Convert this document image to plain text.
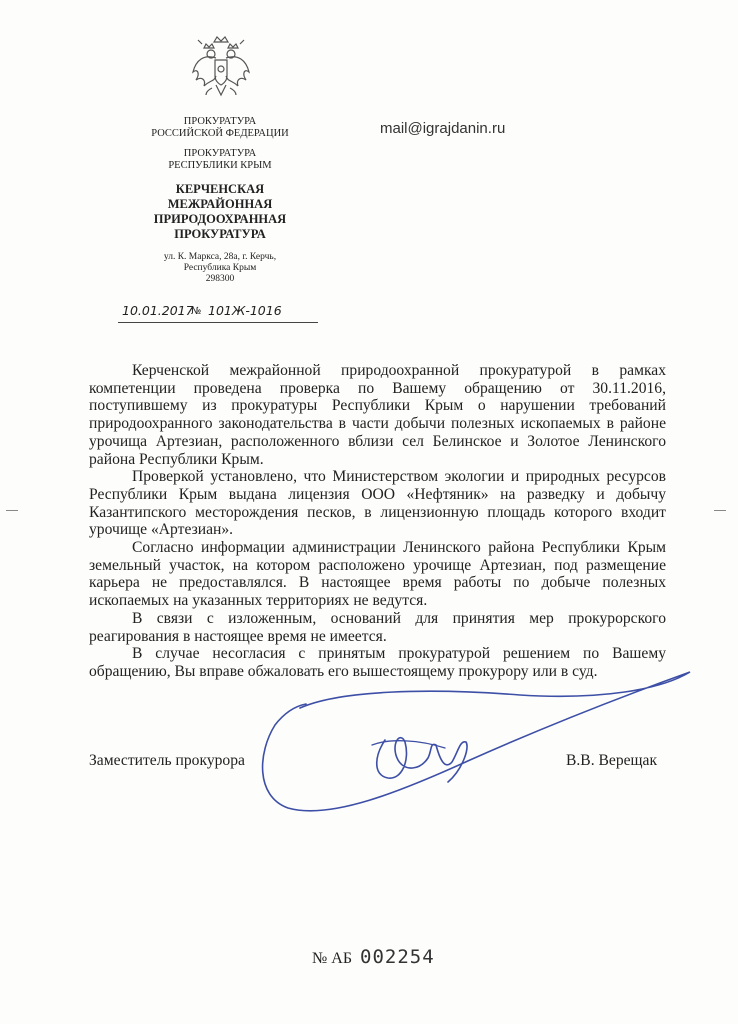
ПРОКУРАТУРА
РОССИЙСКОЙ ФЕДЕРАЦИИ
ПРОКУРАТУРА
РЕСПУБЛИКИ КРЫМ
КЕРЧЕНСКАЯ
МЕЖРАЙОННАЯ
ПРИРОДООХРАННАЯ
ПРОКУРАТУРА
ул. К. Маркса, 28а, г. Керчь,
Республика Крым
298300
mail@igrajdanin.ru
10.01.2017
№ 101Ж-1016

Керченской межрайонной природоохранной прокуратурой в рамках компетенции проведена проверка по Вашему обращению от 30.11.2016, поступившему из прокуратуры Республики Крым о нарушении требований природоохранного законодательства в части добычи полезных ископаемых в районе урочища Артезиан, расположенного вблизи сел Белинское и Золотое Ленинского района Республики Крым.

Проверкой установлено, что Министерством экологии и природных ресурсов Республики Крым выдана лицензия ООО «Нефтяник» на разведку и добычу Казантипского месторождения песков, в лицензионную площадь которого входит урочище «Артезиан».

Согласно информации администрации Ленинского района Республики Крым земельный участок, на котором расположено урочище Артезиан, под размещение карьера не предоставлялся. В настоящее время работы по добыче полезных ископаемых на указанных территориях не ведутся.

В связи с изложенным, оснований для принятия мер прокурорского реагирования в настоящее время не имеется.

В случае несогласия с принятым прокуратурой решением по Вашему обращению, Вы вправе обжаловать его вышестоящему прокурору или в суд.

Заместитель прокурора	В.В. Верещак
№ АБ 002254
